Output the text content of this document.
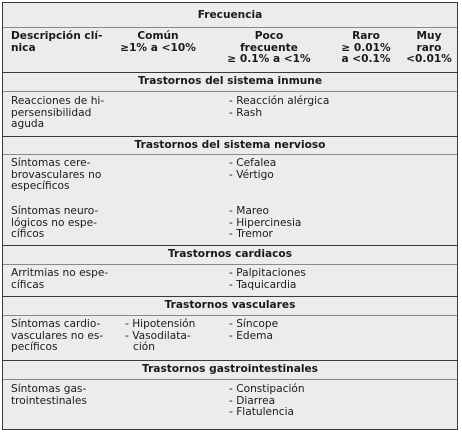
Frecuencia
Descripción clí-
nica
Común
≥1% a <10%
Poco
frecuente
≥ 0.1% a <1%
Raro
≥ 0.01%
a <0.1%
Muy
raro
<0.01%
Trastornos del sistema inmune
Reacciones de hi-
persensibilidad
aguda
- Reacción alérgica
- Rash
Trastornos del sistema nervioso
Síntomas cere-
brovasculares no
específicos
- Cefalea
- Vértigo
Síntomas neuro-
lógicos no espe-
cíficos
- Mareo
- Hipercinesia
- Tremor
Trastornos cardiacos
Arritmias no espe-
cíficas
- Palpitaciones
- Taquicardia
Trastornos vasculares
Síntomas cardio-
vasculares no es-
pecíficos
- Hipotensión
- Vasodilata-
ción
- Síncope
- Edema
Trastornos gastrointestinales
Síntomas gas-
trointestinales
- Constipación
- Diarrea
- Flatulencia
